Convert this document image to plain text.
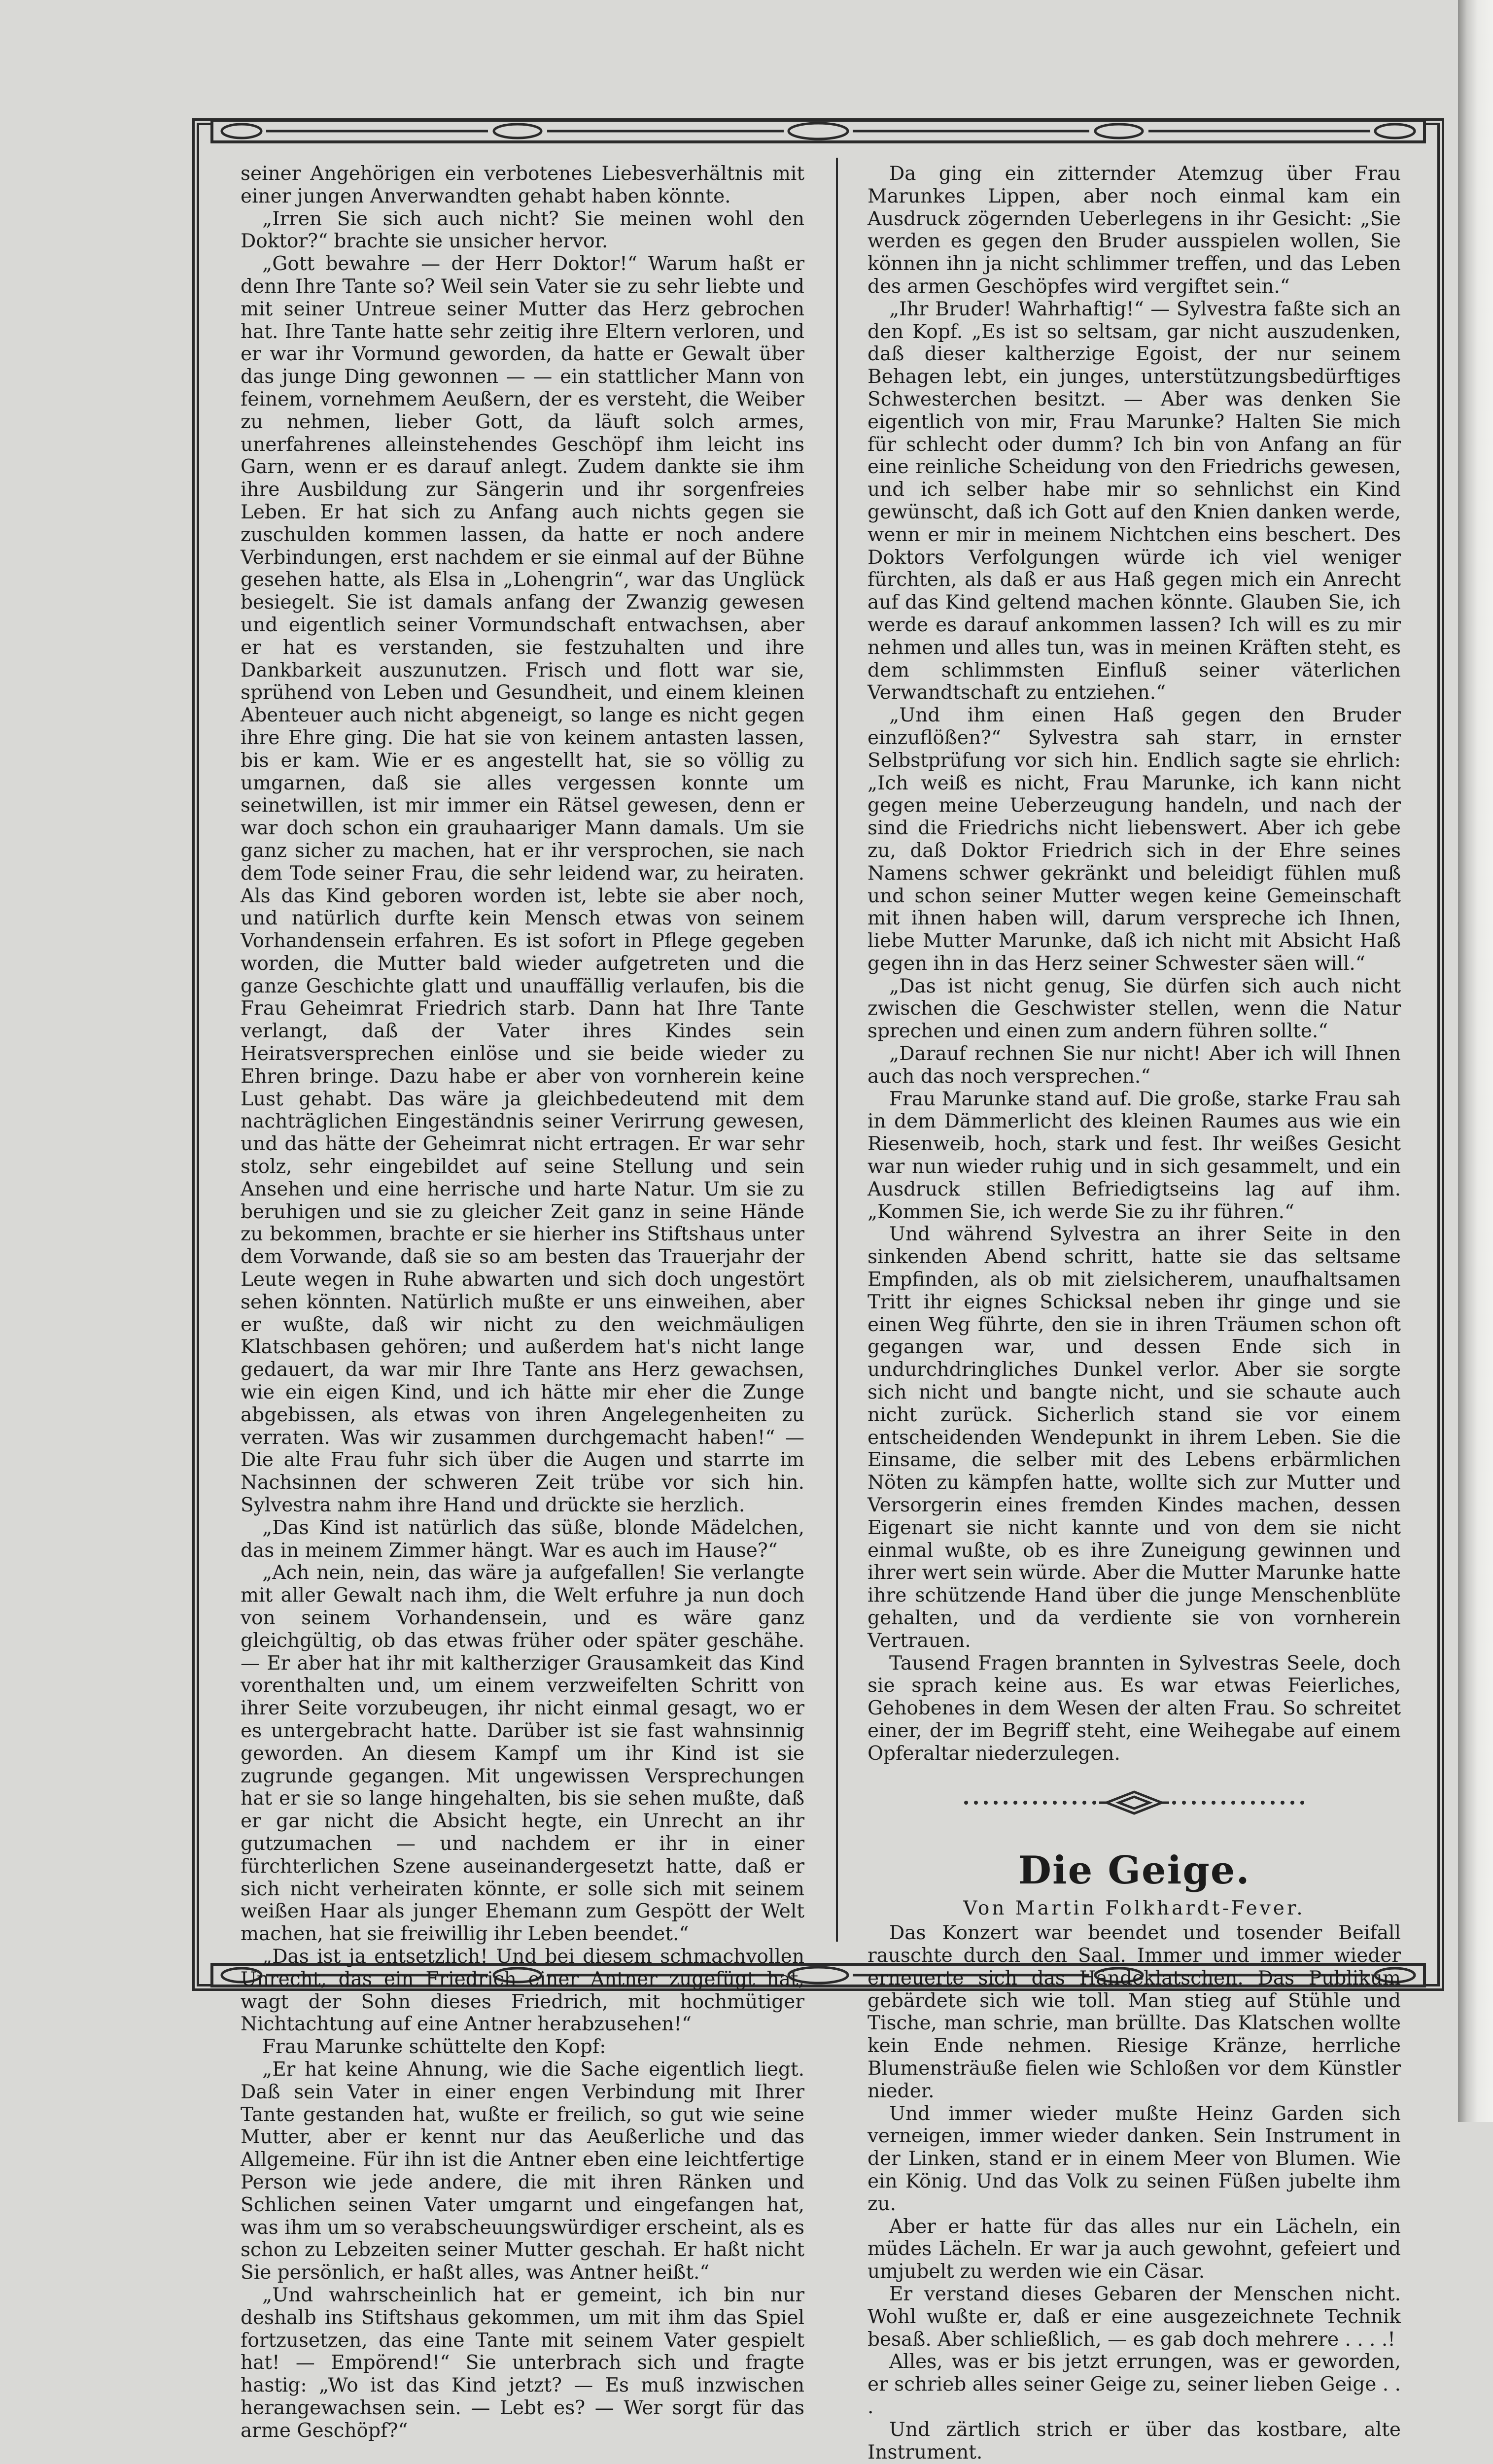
seiner Angehörigen ein verbotenes Liebesverhältnis mit einer jungen Anverwandten gehabt haben könnte.

„Irren Sie sich auch nicht? Sie meinen wohl den Doktor?“ brachte sie unsicher hervor.

„Gott bewahre — der Herr Doktor!“ Warum haßt er denn Ihre Tante so? Weil sein Vater sie zu sehr liebte und mit seiner Untreue seiner Mutter das Herz gebrochen hat. Ihre Tante hatte sehr zeitig ihre Eltern verloren, und er war ihr Vormund geworden, da hatte er Gewalt über das junge Ding gewonnen — — ein stattlicher Mann von feinem, vornehmem Aeußern, der es versteht, die Weiber zu nehmen, lieber Gott, da läuft solch armes, unerfahrenes alleinstehendes Geschöpf ihm leicht ins Garn, wenn er es darauf anlegt. Zudem dankte sie ihm ihre Ausbildung zur Sängerin und ihr sorgenfreies Leben. Er hat sich zu Anfang auch nichts gegen sie zuschulden kommen lassen, da hatte er noch andere Verbindungen, erst nachdem er sie einmal auf der Bühne gesehen hatte, als Elsa in „Lohengrin“, war das Unglück besiegelt. Sie ist damals anfang der Zwanzig gewesen und eigentlich seiner Vormundschaft entwachsen, aber er hat es verstanden, sie festzuhalten und ihre Dankbarkeit auszunutzen. Frisch und flott war sie, sprühend von Leben und Gesundheit, und einem kleinen Abenteuer auch nicht abgeneigt, so lange es nicht gegen ihre Ehre ging. Die hat sie von keinem antasten lassen, bis er kam. Wie er es angestellt hat, sie so völlig zu umgarnen, daß sie alles vergessen konnte um seinetwillen, ist mir immer ein Rätsel gewesen, denn er war doch schon ein grauhaariger Mann damals. Um sie ganz sicher zu machen, hat er ihr versprochen, sie nach dem Tode seiner Frau, die sehr leidend war, zu heiraten. Als das Kind geboren worden ist, lebte sie aber noch, und natürlich durfte kein Mensch etwas von seinem Vorhandensein erfahren. Es ist sofort in Pflege gegeben worden, die Mutter bald wieder aufgetreten und die ganze Geschichte glatt und unauffällig verlaufen, bis die Frau Geheimrat Friedrich starb. Dann hat Ihre Tante verlangt, daß der Vater ihres Kindes sein Heiratsversprechen einlöse und sie beide wieder zu Ehren bringe. Dazu habe er aber von vornherein keine Lust gehabt. Das wäre ja gleichbedeutend mit dem nachträglichen Eingeständnis seiner Verirrung gewesen, und das hätte der Geheimrat nicht ertragen. Er war sehr stolz, sehr eingebildet auf seine Stellung und sein Ansehen und eine herrische und harte Natur. Um sie zu beruhigen und sie zu gleicher Zeit ganz in seine Hände zu bekommen, brachte er sie hierher ins Stiftshaus unter dem Vorwande, daß sie so am besten das Trauerjahr der Leute wegen in Ruhe abwarten und sich doch ungestört sehen könnten. Natürlich mußte er uns einweihen, aber er wußte, daß wir nicht zu den weichmäuligen Klatschbasen gehören; und außerdem hat's nicht lange gedauert, da war mir Ihre Tante ans Herz gewachsen, wie ein eigen Kind, und ich hätte mir eher die Zunge abgebissen, als etwas von ihren Angelegenheiten zu verraten. Was wir zusammen durchgemacht haben!“ — Die alte Frau fuhr sich über die Augen und starrte im Nachsinnen der schweren Zeit trübe vor sich hin. Sylvestra nahm ihre Hand und drückte sie herzlich.

„Das Kind ist natürlich das süße, blonde Mädelchen, das in meinem Zimmer hängt. War es auch im Hause?“

„Ach nein, nein, das wäre ja aufgefallen! Sie verlangte mit aller Gewalt nach ihm, die Welt erfuhre ja nun doch von seinem Vorhandensein, und es wäre ganz gleichgültig, ob das etwas früher oder später geschähe. — Er aber hat ihr mit kaltherziger Grausamkeit das Kind vorenthalten und, um einem verzweifelten Schritt von ihrer Seite vorzubeugen, ihr nicht einmal gesagt, wo er es untergebracht hatte. Darüber ist sie fast wahnsinnig geworden. An diesem Kampf um ihr Kind ist sie zugrunde gegangen. Mit ungewissen Versprechungen hat er sie so lange hingehalten, bis sie sehen mußte, daß er gar nicht die Absicht hegte, ein Unrecht an ihr gutzumachen — und nachdem er ihr in einer fürchterlichen Szene auseinandergesetzt hatte, daß er sich nicht verheiraten könnte, er solle sich mit seinem weißen Haar als junger Ehemann zum Gespött der Welt machen, hat sie freiwillig ihr Leben beendet.“

„Das ist ja entsetzlich! Und bei diesem schmachvollen Unrecht, das ein Friedrich einer Antner zugefügt hat, wagt der Sohn dieses Friedrich, mit hochmütiger Nichtachtung auf eine Antner herabzusehen!“

Frau Marunke schüttelte den Kopf:

„Er hat keine Ahnung, wie die Sache eigentlich liegt. Daß sein Vater in einer engen Verbindung mit Ihrer Tante gestanden hat, wußte er freilich, so gut wie seine Mutter, aber er kennt nur das Aeußerliche und das Allgemeine. Für ihn ist die Antner eben eine leichtfertige Person wie jede andere, die mit ihren Ränken und Schlichen seinen Vater umgarnt und eingefangen hat, was ihm um so verabscheuungswürdiger erscheint, als es schon zu Lebzeiten seiner Mutter geschah. Er haßt nicht Sie persönlich, er haßt alles, was Antner heißt.“

„Und wahrscheinlich hat er gemeint, ich bin nur deshalb ins Stiftshaus gekommen, um mit ihm das Spiel fortzusetzen, das eine Tante mit seinem Vater gespielt hat! — Empörend!“ Sie unterbrach sich und fragte hastig: „Wo ist das Kind jetzt? — Es muß inzwischen herangewachsen sein. — Lebt es? — Wer sorgt für das arme Geschöpf?“

Da ging ein zitternder Atemzug über Frau Marunkes Lippen, aber noch einmal kam ein Ausdruck zögernden Ueberlegens in ihr Gesicht: „Sie werden es gegen den Bruder ausspielen wollen, Sie können ihn ja nicht schlimmer treffen, und das Leben des armen Geschöpfes wird vergiftet sein.“

„Ihr Bruder! Wahrhaftig!“ — Sylvestra faßte sich an den Kopf. „Es ist so seltsam, gar nicht auszudenken, daß dieser kaltherzige Egoist, der nur seinem Behagen lebt, ein junges, unterstützungsbedürftiges Schwesterchen besitzt. — Aber was denken Sie eigentlich von mir, Frau Marunke? Halten Sie mich für schlecht oder dumm? Ich bin von Anfang an für eine reinliche Scheidung von den Friedrichs gewesen, und ich selber habe mir so sehnlichst ein Kind gewünscht, daß ich Gott auf den Knien danken werde, wenn er mir in meinem Nichtchen eins beschert. Des Doktors Verfolgungen würde ich viel weniger fürchten, als daß er aus Haß gegen mich ein Anrecht auf das Kind geltend machen könnte. Glauben Sie, ich werde es darauf ankommen lassen? Ich will es zu mir nehmen und alles tun, was in meinen Kräften steht, es dem schlimmsten Einfluß seiner väterlichen Verwandtschaft zu entziehen.“

„Und ihm einen Haß gegen den Bruder einzuflößen?“ Sylvestra sah starr, in ernster Selbstprüfung vor sich hin. Endlich sagte sie ehrlich: „Ich weiß es nicht, Frau Marunke, ich kann nicht gegen meine Ueberzeugung handeln, und nach der sind die Friedrichs nicht liebenswert. Aber ich gebe zu, daß Doktor Friedrich sich in der Ehre seines Namens schwer gekränkt und beleidigt fühlen muß und schon seiner Mutter wegen keine Gemeinschaft mit ihnen haben will, darum verspreche ich Ihnen, liebe Mutter Marunke, daß ich nicht mit Absicht Haß gegen ihn in das Herz seiner Schwester säen will.“

„Das ist nicht genug, Sie dürfen sich auch nicht zwischen die Geschwister stellen, wenn die Natur sprechen und einen zum andern führen sollte.“

„Darauf rechnen Sie nur nicht! Aber ich will Ihnen auch das noch versprechen.“

Frau Marunke stand auf. Die große, starke Frau sah in dem Dämmerlicht des kleinen Raumes aus wie ein Riesenweib, hoch, stark und fest. Ihr weißes Gesicht war nun wieder ruhig und in sich gesammelt, und ein Ausdruck stillen Befriedigtseins lag auf ihm. „Kommen Sie, ich werde Sie zu ihr führen.“

Und während Sylvestra an ihrer Seite in den sinkenden Abend schritt, hatte sie das seltsame Empfinden, als ob mit zielsicherem, unaufhaltsamen Tritt ihr eignes Schicksal neben ihr ginge und sie einen Weg führte, den sie in ihren Träumen schon oft gegangen war, und dessen Ende sich in undurchdringliches Dunkel verlor. Aber sie sorgte sich nicht und bangte nicht, und sie schaute auch nicht zurück. Sicherlich stand sie vor einem entscheidenden Wendepunkt in ihrem Leben. Sie die Einsame, die selber mit des Lebens erbärmlichen Nöten zu kämpfen hatte, wollte sich zur Mutter und Versorgerin eines fremden Kindes machen, dessen Eigenart sie nicht kannte und von dem sie nicht einmal wußte, ob es ihre Zuneigung gewinnen und ihrer wert sein würde. Aber die Mutter Marunke hatte ihre schützende Hand über die junge Menschenblüte gehalten, und da verdiente sie von vornherein Vertrauen.

Tausend Fragen brannten in Sylvestras Seele, doch sie sprach keine aus. Es war etwas Feierliches, Gehobenes in dem Wesen der alten Frau. So schreitet einer, der im Begriff steht, eine Weihegabe auf einem Opferaltar niederzulegen.

Die Geige.
Von Martin Folkhardt-Fever.

Das Konzert war beendet und tosender Beifall rauschte durch den Saal. Immer und immer wieder erneuerte sich das Händeklatschen. Das Publikum gebärdete sich wie toll. Man stieg auf Stühle und Tische, man schrie, man brüllte. Das Klatschen wollte kein Ende nehmen. Riesige Kränze, herrliche Blumensträuße fielen wie Schloßen vor dem Künstler nieder.

Und immer wieder mußte Heinz Garden sich verneigen, immer wieder danken. Sein Instrument in der Linken, stand er in einem Meer von Blumen. Wie ein König. Und das Volk zu seinen Füßen jubelte ihm zu.

Aber er hatte für das alles nur ein Lächeln, ein müdes Lächeln. Er war ja auch gewohnt, gefeiert und umjubelt zu werden wie ein Cäsar.

Er verstand dieses Gebaren der Menschen nicht. Wohl wußte er, daß er eine ausgezeichnete Technik besaß. Aber schließlich, — es gab doch mehrere . . . .!

Alles, was er bis jetzt errungen, was er geworden, er schrieb alles seiner Geige zu, seiner lieben Geige . . .

Und zärtlich strich er über das kostbare, alte Instrument.
